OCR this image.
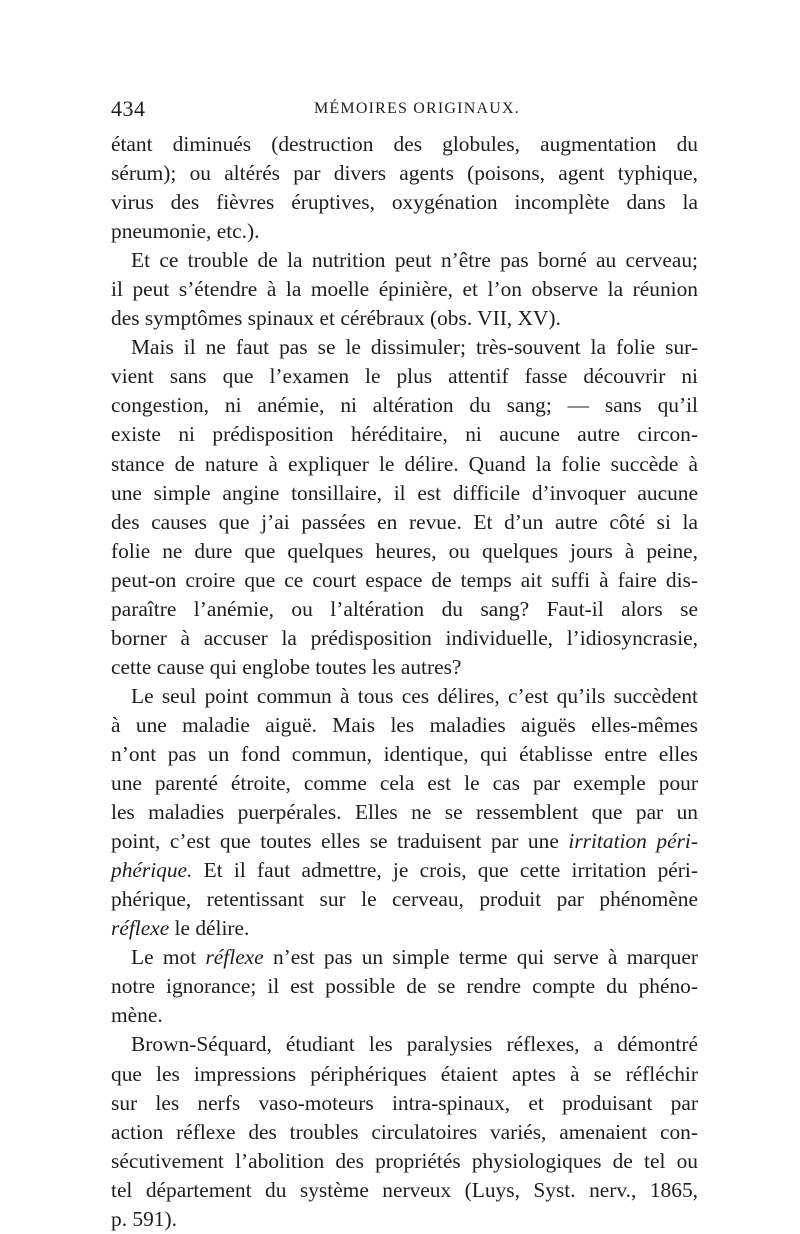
434	MÉMOIRES ORIGINAUX.
étant diminués (destruction des globules, augmentation du
sérum); ou altérés par divers agents (poisons, agent typhique,
virus des fièvres éruptives, oxygénation incomplète dans la
pneumonie, etc.).
Et ce trouble de la nutrition peut n’être pas borné au cerveau;
il peut s’étendre à la moelle épinière, et l’on observe la réunion
des symptômes spinaux et cérébraux (obs. VII, XV).
Mais il ne faut pas se le dissimuler; très-souvent la folie sur-
vient sans que l’examen le plus attentif fasse découvrir ni
congestion, ni anémie, ni altération du sang; — sans qu’il
existe ni prédisposition héréditaire, ni aucune autre circon-
stance de nature à expliquer le délire. Quand la folie succède à
une simple angine tonsillaire, il est difficile d’invoquer aucune
des causes que j’ai passées en revue. Et d’un autre côté si la
folie ne dure que quelques heures, ou quelques jours à peine,
peut-on croire que ce court espace de temps ait suffi à faire dis-
paraître l’anémie, ou l’altération du sang? Faut-il alors se
borner à accuser la prédisposition individuelle, l’idiosyncrasie,
cette cause qui englobe toutes les autres?
Le seul point commun à tous ces délires, c’est qu’ils succèdent
à une maladie aiguë. Mais les maladies aiguës elles-mêmes
n’ont pas un fond commun, identique, qui établisse entre elles
une parenté étroite, comme cela est le cas par exemple pour
les maladies puerpérales. Elles ne se ressemblent que par un
point, c’est que toutes elles se traduisent par une irritation péri-
phérique. Et il faut admettre, je crois, que cette irritation péri-
phérique, retentissant sur le cerveau, produit par phénomène
réflexe le délire.
Le mot réflexe n’est pas un simple terme qui serve à marquer
notre ignorance; il est possible de se rendre compte du phéno-
mène.
Brown-Séquard, étudiant les paralysies réflexes, a démontré
que les impressions périphériques étaient aptes à se réfléchir
sur les nerfs vaso-moteurs intra-spinaux, et produisant par
action réflexe des troubles circulatoires variés, amenaient con-
sécutivement l’abolition des propriétés physiologiques de tel ou
tel département du système nerveux (Luys, Syst. nerv., 1865,
p. 591).
